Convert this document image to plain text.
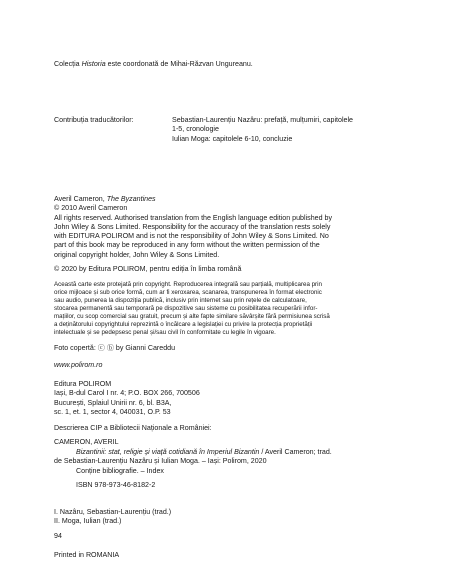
Colecția Historia este coordonată de Mihai-Răzvan Ungureanu.

Contribuția traducătorilor:	Sebastian-Laurențiu Nazâru: prefață, mulțumiri, capitolele

1-5, cronologie

Iulian Moga: capitolele 6-10, concluzie

Averil Cameron, The Byzantines

© 2010 Averil Cameron

All rights reserved. Authorised translation from the English language edition published by

John Wiley & Sons Limited. Responsibility for the accuracy of the translation rests solely

with EDITURA POLIROM and is not the responsibility of John Wiley & Sons Limited. No

part of this book may be reproduced in any form without the written permission of the

original copyright holder, John Wiley & Sons Limited.

© 2020 by Editura POLIROM, pentru ediția în limba română

Această carte este protejată prin copyright. Reproducerea integrală sau parțială, multiplicarea prin

orice mijloace și sub orice formă, cum ar fi xeroxarea, scanarea, transpunerea în format electronic

sau audio, punerea la dispoziția publică, inclusiv prin internet sau prin rețele de calculatoare,

stocarea permanentă sau temporară pe dispozitive sau sisteme cu posibilitatea recuperării infor-

mațiilor, cu scop comercial sau gratuit, precum și alte fapte similare săvârșite fără permisiunea scrisă

a deținătorului copyrightului reprezintă o încălcare a legislației cu privire la protecția proprietății

intelectuale și se pedepsesc penal și/sau civil în conformitate cu legile în vigoare.

Foto copertă: ⓒ ⓑ by Gianni Careddu

www.polirom.ro

Editura POLIROM

Iași, B-dul Carol I nr. 4; P.O. BOX 266, 700506

București, Splaiul Unirii nr. 6, bl. B3A,

sc. 1, et. 1, sector 4, 040031, O.P. 53

Descrierea CIP a Bibliotecii Naționale a României:

CAMERON, AVERIL

Bizantinii: stat, religie și viață cotidiană în Imperiul Bizantin / Averil Cameron; trad.

de Sebastian-Laurențiu Nazâru și Iulian Moga. – Iași: Polirom, 2020

Conține bibliografie. – Index

ISBN 978-973-46-8182-2

I. Nazâru, Sebastian-Laurențiu (trad.)

II. Moga, Iulian (trad.)

94

Printed in ROMANIA
